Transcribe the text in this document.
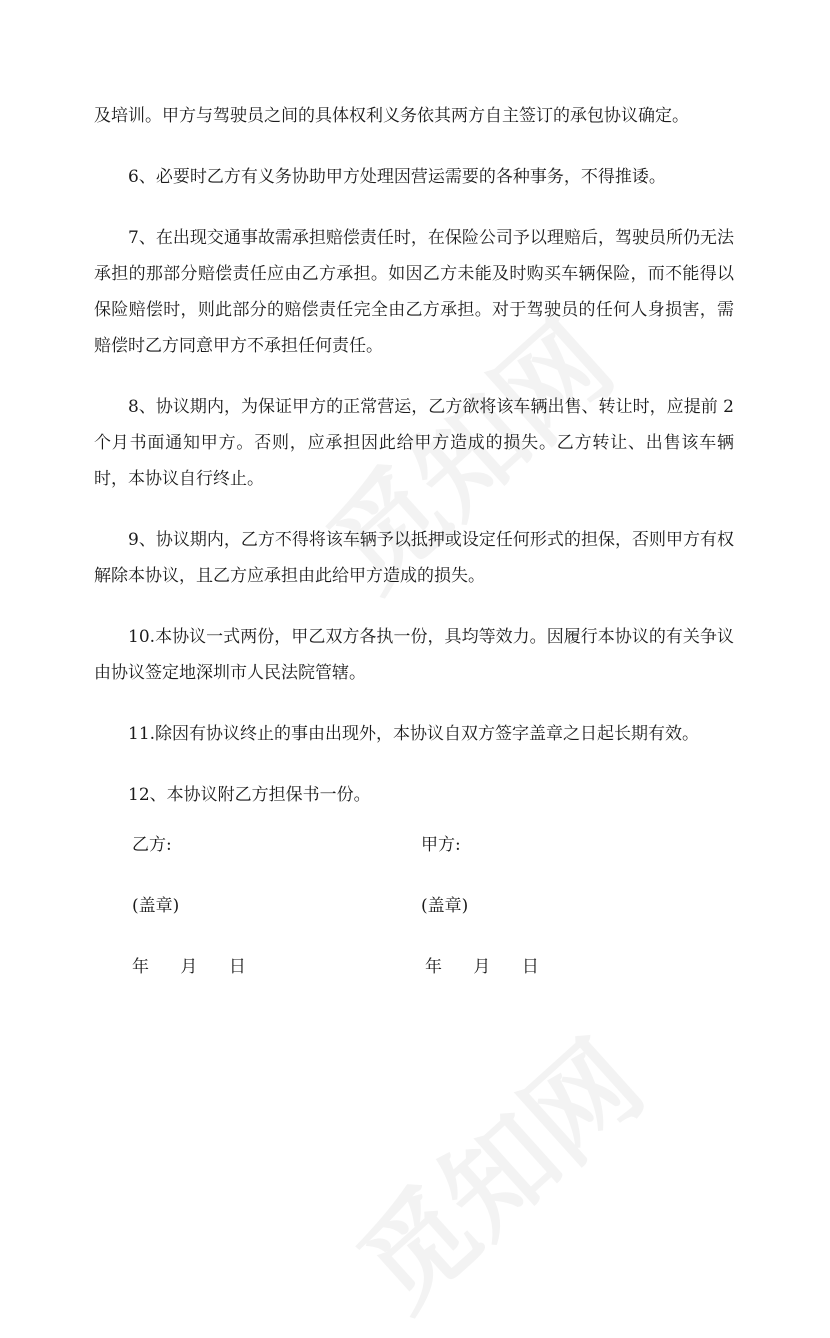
及培训。甲方与驾驶员之间的具体权利义务依其两方自主签订的承包协议确定。

6、必要时乙方有义务协助甲方处理因营运需要的各种事务，不得推诿。

7、在出现交通事故需承担赔偿责任时，在保险公司予以理赔后，驾驶员所仍无法承担的那部分赔偿责任应由乙方承担。如因乙方未能及时购买车辆保险，而不能得以保险赔偿时，则此部分的赔偿责任完全由乙方承担。对于驾驶员的任何人身损害，需赔偿时乙方同意甲方不承担任何责任。

8、协议期内，为保证甲方的正常营运，乙方欲将该车辆出售、转让时，应提前 2 个月书面通知甲方。否则，应承担因此给甲方造成的损失。乙方转让、出售该车辆时，本协议自行终止。

9、协议期内，乙方不得将该车辆予以抵押或设定任何形式的担保，否则甲方有权解除本协议，且乙方应承担由此给甲方造成的损失。

10.本协议一式两份，甲乙双方各执一份，具均等效力。因履行本协议的有关争议由协议签定地深圳市人民法院管辖。

11.除因有协议终止的事由出现外，本协议自双方签字盖章之日起长期有效。

12、本协议附乙方担保书一份。

乙方:	甲方:
(盖章)	(盖章)
年 月 日	年 月 日
